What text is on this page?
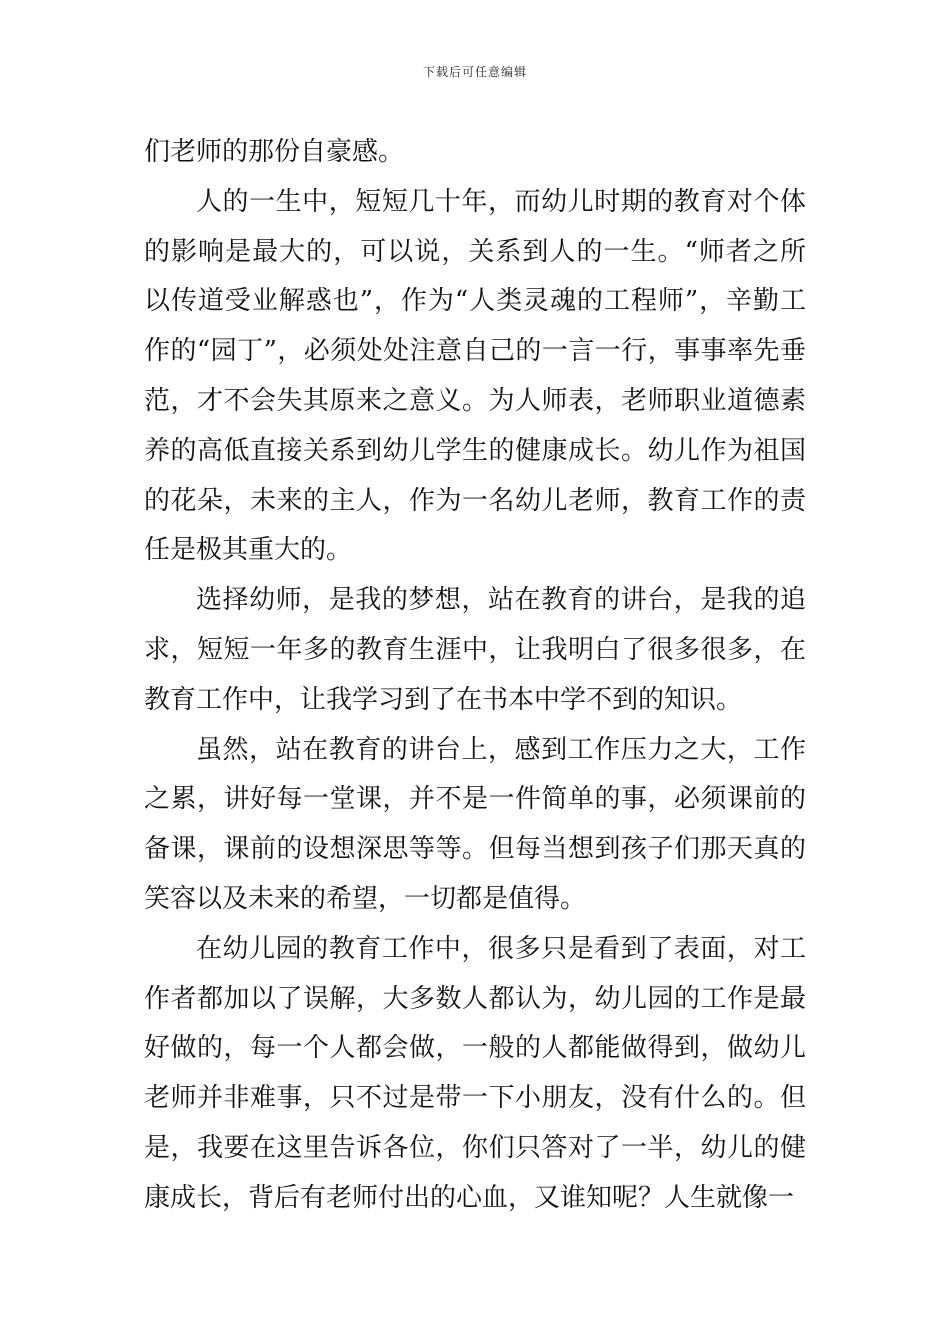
下载后可任意编辑

们老师的那份自豪感。

人的一生中，短短几十年，而幼儿时期的教育对个体的影响是最大的，可以说，关系到人的一生。“师者之所以传道受业解惑也”，作为“人类灵魂的工程师”，辛勤工作的“园丁”，必须处处注意自己的一言一行，事事率先垂范，才不会失其原来之意义。为人师表，老师职业道德素养的高低直接关系到幼儿学生的健康成长。幼儿作为祖国的花朵，未来的主人，作为一名幼儿老师，教育工作的责任是极其重大的。

选择幼师，是我的梦想，站在教育的讲台，是我的追求，短短一年多的教育生涯中，让我明白了很多很多，在教育工作中，让我学习到了在书本中学不到的知识。

虽然，站在教育的讲台上，感到工作压力之大，工作之累，讲好每一堂课，并不是一件简单的事，必须课前的备课，课前的设想深思等等。但每当想到孩子们那天真的笑容以及未来的希望，一切都是值得。

在幼儿园的教育工作中，很多只是看到了表面，对工作者都加以了误解，大多数人都认为，幼儿园的工作是最好做的，每一个人都会做，一般的人都能做得到，做幼儿老师并非难事，只不过是带一下小朋友，没有什么的。但是，我要在这里告诉各位，你们只答对了一半，幼儿的健康成长，背后有老师付出的心血，又谁知呢？人生就像一
